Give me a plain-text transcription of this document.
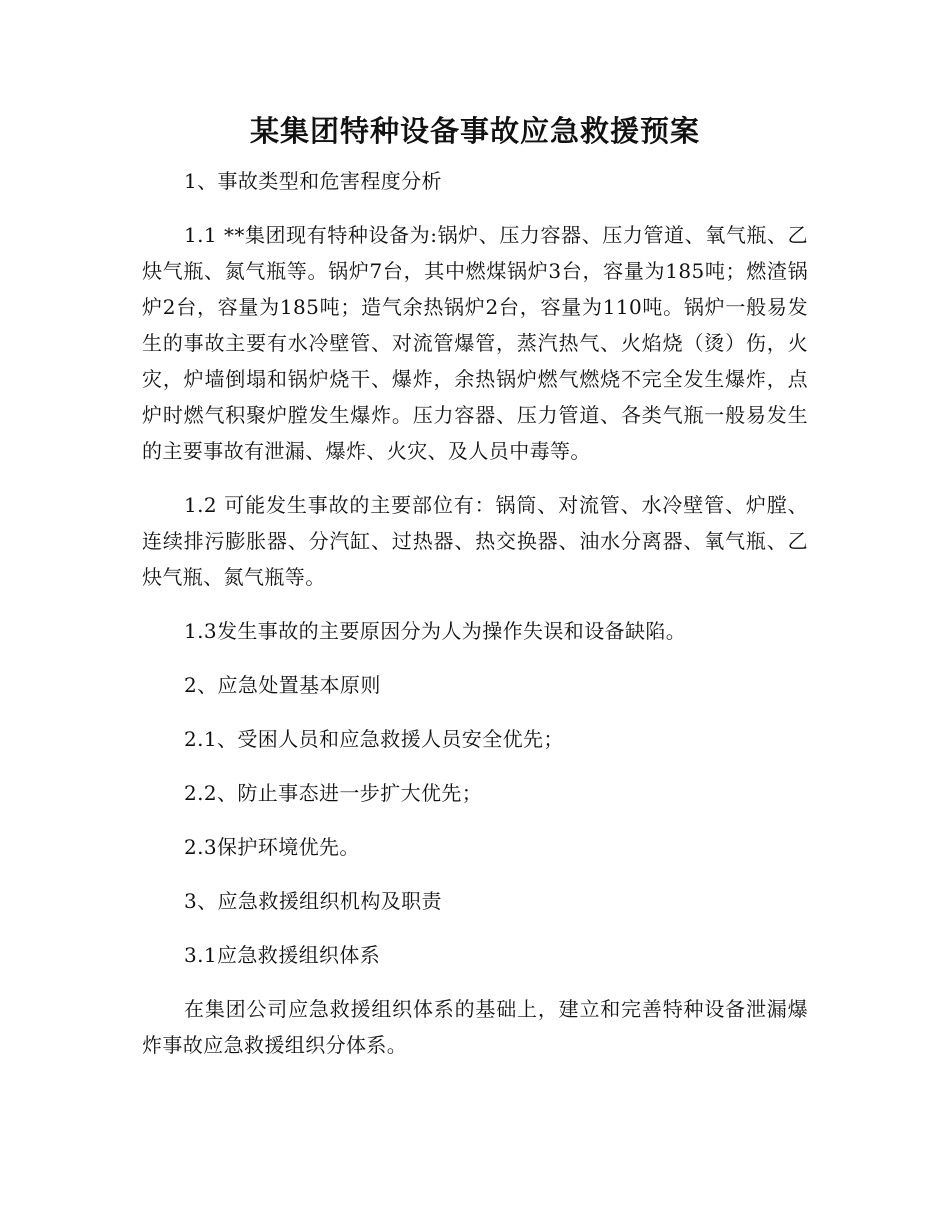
某集团特种设备事故应急救援预案

1、事故类型和危害程度分析

1.1 **集团现有特种设备为:锅炉、压力容器、压力管道、氧气瓶、乙炔气瓶、氮气瓶等。锅炉7台，其中燃煤锅炉3台，容量为185吨；燃渣锅炉2台，容量为185吨；造气余热锅炉2台，容量为110吨。锅炉一般易发生的事故主要有水冷壁管、对流管爆管，蒸汽热气、火焰烧（烫）伤，火灾，炉墙倒塌和锅炉烧干、爆炸，余热锅炉燃气燃烧不完全发生爆炸，点炉时燃气积聚炉膛发生爆炸。压力容器、压力管道、各类气瓶一般易发生的主要事故有泄漏、爆炸、火灾、及人员中毒等。

1.2 可能发生事故的主要部位有：锅筒、对流管、水冷壁管、炉膛、连续排污膨胀器、分汽缸、过热器、热交换器、油水分离器、氧气瓶、乙炔气瓶、氮气瓶等。

1.3发生事故的主要原因分为人为操作失误和设备缺陷。

2、应急处置基本原则

2.1、受困人员和应急救援人员安全优先；

2.2、防止事态进一步扩大优先；

2.3保护环境优先。

3、应急救援组织机构及职责

3.1应急救援组织体系

在集团公司应急救援组织体系的基础上，建立和完善特种设备泄漏爆炸事故应急救援组织分体系。
